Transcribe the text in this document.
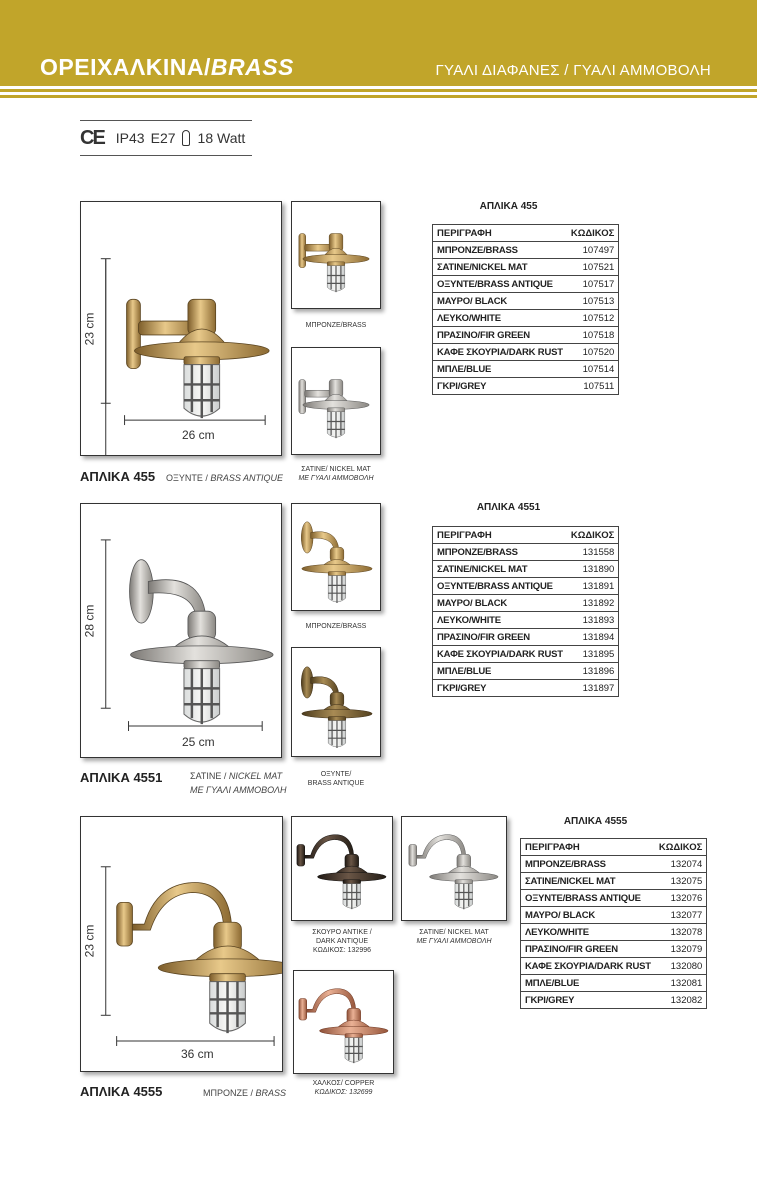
ΟΡΕΙΧΑΛΚΙΝΑ/BRASS	ΓΥΑΛΙ ΔΙΑΦΑΝΕΣ / ΓΥΑΛΙ ΑΜΜΟΒΟΛΗ
CE IP43 E27 18 Watt
23 cm
26 cm
ΑΠΛΙΚΑ 455 ΟΞΥΝΤΕ / BRASS ANTIQUE
ΜΠΡΟΝΖΕ/BRASS
ΣΑΤΙΝΕ/ NICKEL MAT
ΜΕ ΓΥΑΛΙ ΑΜΜΟΒΟΛΗ
ΑΠΛΙΚΑ 455
ΠΕΡΙΓΡΑΦΗ	ΚΩΔΙΚΟΣ
ΜΠΡΟΝΖΕ/BRASS	107497
ΣΑΤΙΝΕ/NICKEL MAT	107521
ΟΞΥΝΤΕ/BRASS ANTIQUE	107517
ΜΑΥΡΟ/ BLACK	107513
ΛΕΥΚΟ/WHITE	107512
ΠΡΑΣΙΝΟ/FIR GREEN	107518
ΚΑΦΕ ΣΚΟΥΡΙΑ/DARK RUST	107520
ΜΠΛΕ/BLUE	107514
ΓΚΡΙ/GREY	107511
28 cm
25 cm
ΑΠΛΙΚΑ 4551	ΣΑΤΙΝΕ / NICKEL MAT
ΜΕ ΓΥΑΛΙ ΑΜΜΟΒΟΛΗ
ΜΠΡΟΝΖΕ/BRASS
ΟΞΥΝΤΕ/
BRASS ANTIQUE
ΑΠΛΙΚΑ 4551
ΠΕΡΙΓΡΑΦΗ	ΚΩΔΙΚΟΣ
ΜΠΡΟΝΖΕ/BRASS	131558
ΣΑΤΙΝΕ/NICKEL MAT	131890
ΟΞΥΝΤΕ/BRASS ANTIQUE	131891
ΜΑΥΡΟ/ BLACK	131892
ΛΕΥΚΟ/WHITE	131893
ΠΡΑΣΙΝΟ/FIR GREEN	131894
ΚΑΦΕ ΣΚΟΥΡΙΑ/DARK RUST	131895
ΜΠΛΕ/BLUE	131896
ΓΚΡΙ/GREY	131897
23 cm
36 cm
ΑΠΛΙΚΑ 4555	ΜΠΡΟΝΖΕ / BRASS
ΣΚΟΥΡΟ ΑΝΤΙΚΕ /
DARK ANTIQUE
ΚΩΔΙΚΟΣ: 132996
ΣΑΤΙΝΕ/ NICKEL MAT
ΜΕ ΓΥΑΛΙ ΑΜΜΟΒΟΛΗ
ΧΑΛΚΟΣ/ COPPER
ΚΩΔΙΚΟΣ: 132699
ΑΠΛΙΚΑ 4555
ΠΕΡΙΓΡΑΦΗ	ΚΩΔΙΚΟΣ
ΜΠΡΟΝΖΕ/BRASS	132074
ΣΑΤΙΝΕ/NICKEL MAT	132075
ΟΞΥΝΤΕ/BRASS ANTIQUE	132076
ΜΑΥΡΟ/ BLACK	132077
ΛΕΥΚΟ/WHITE	132078
ΠΡΑΣΙΝΟ/FIR GREEN	132079
ΚΑΦΕ ΣΚΟΥΡΙΑ/DARK RUST	132080
ΜΠΛΕ/BLUE	132081
ΓΚΡΙ/GREY	132082
